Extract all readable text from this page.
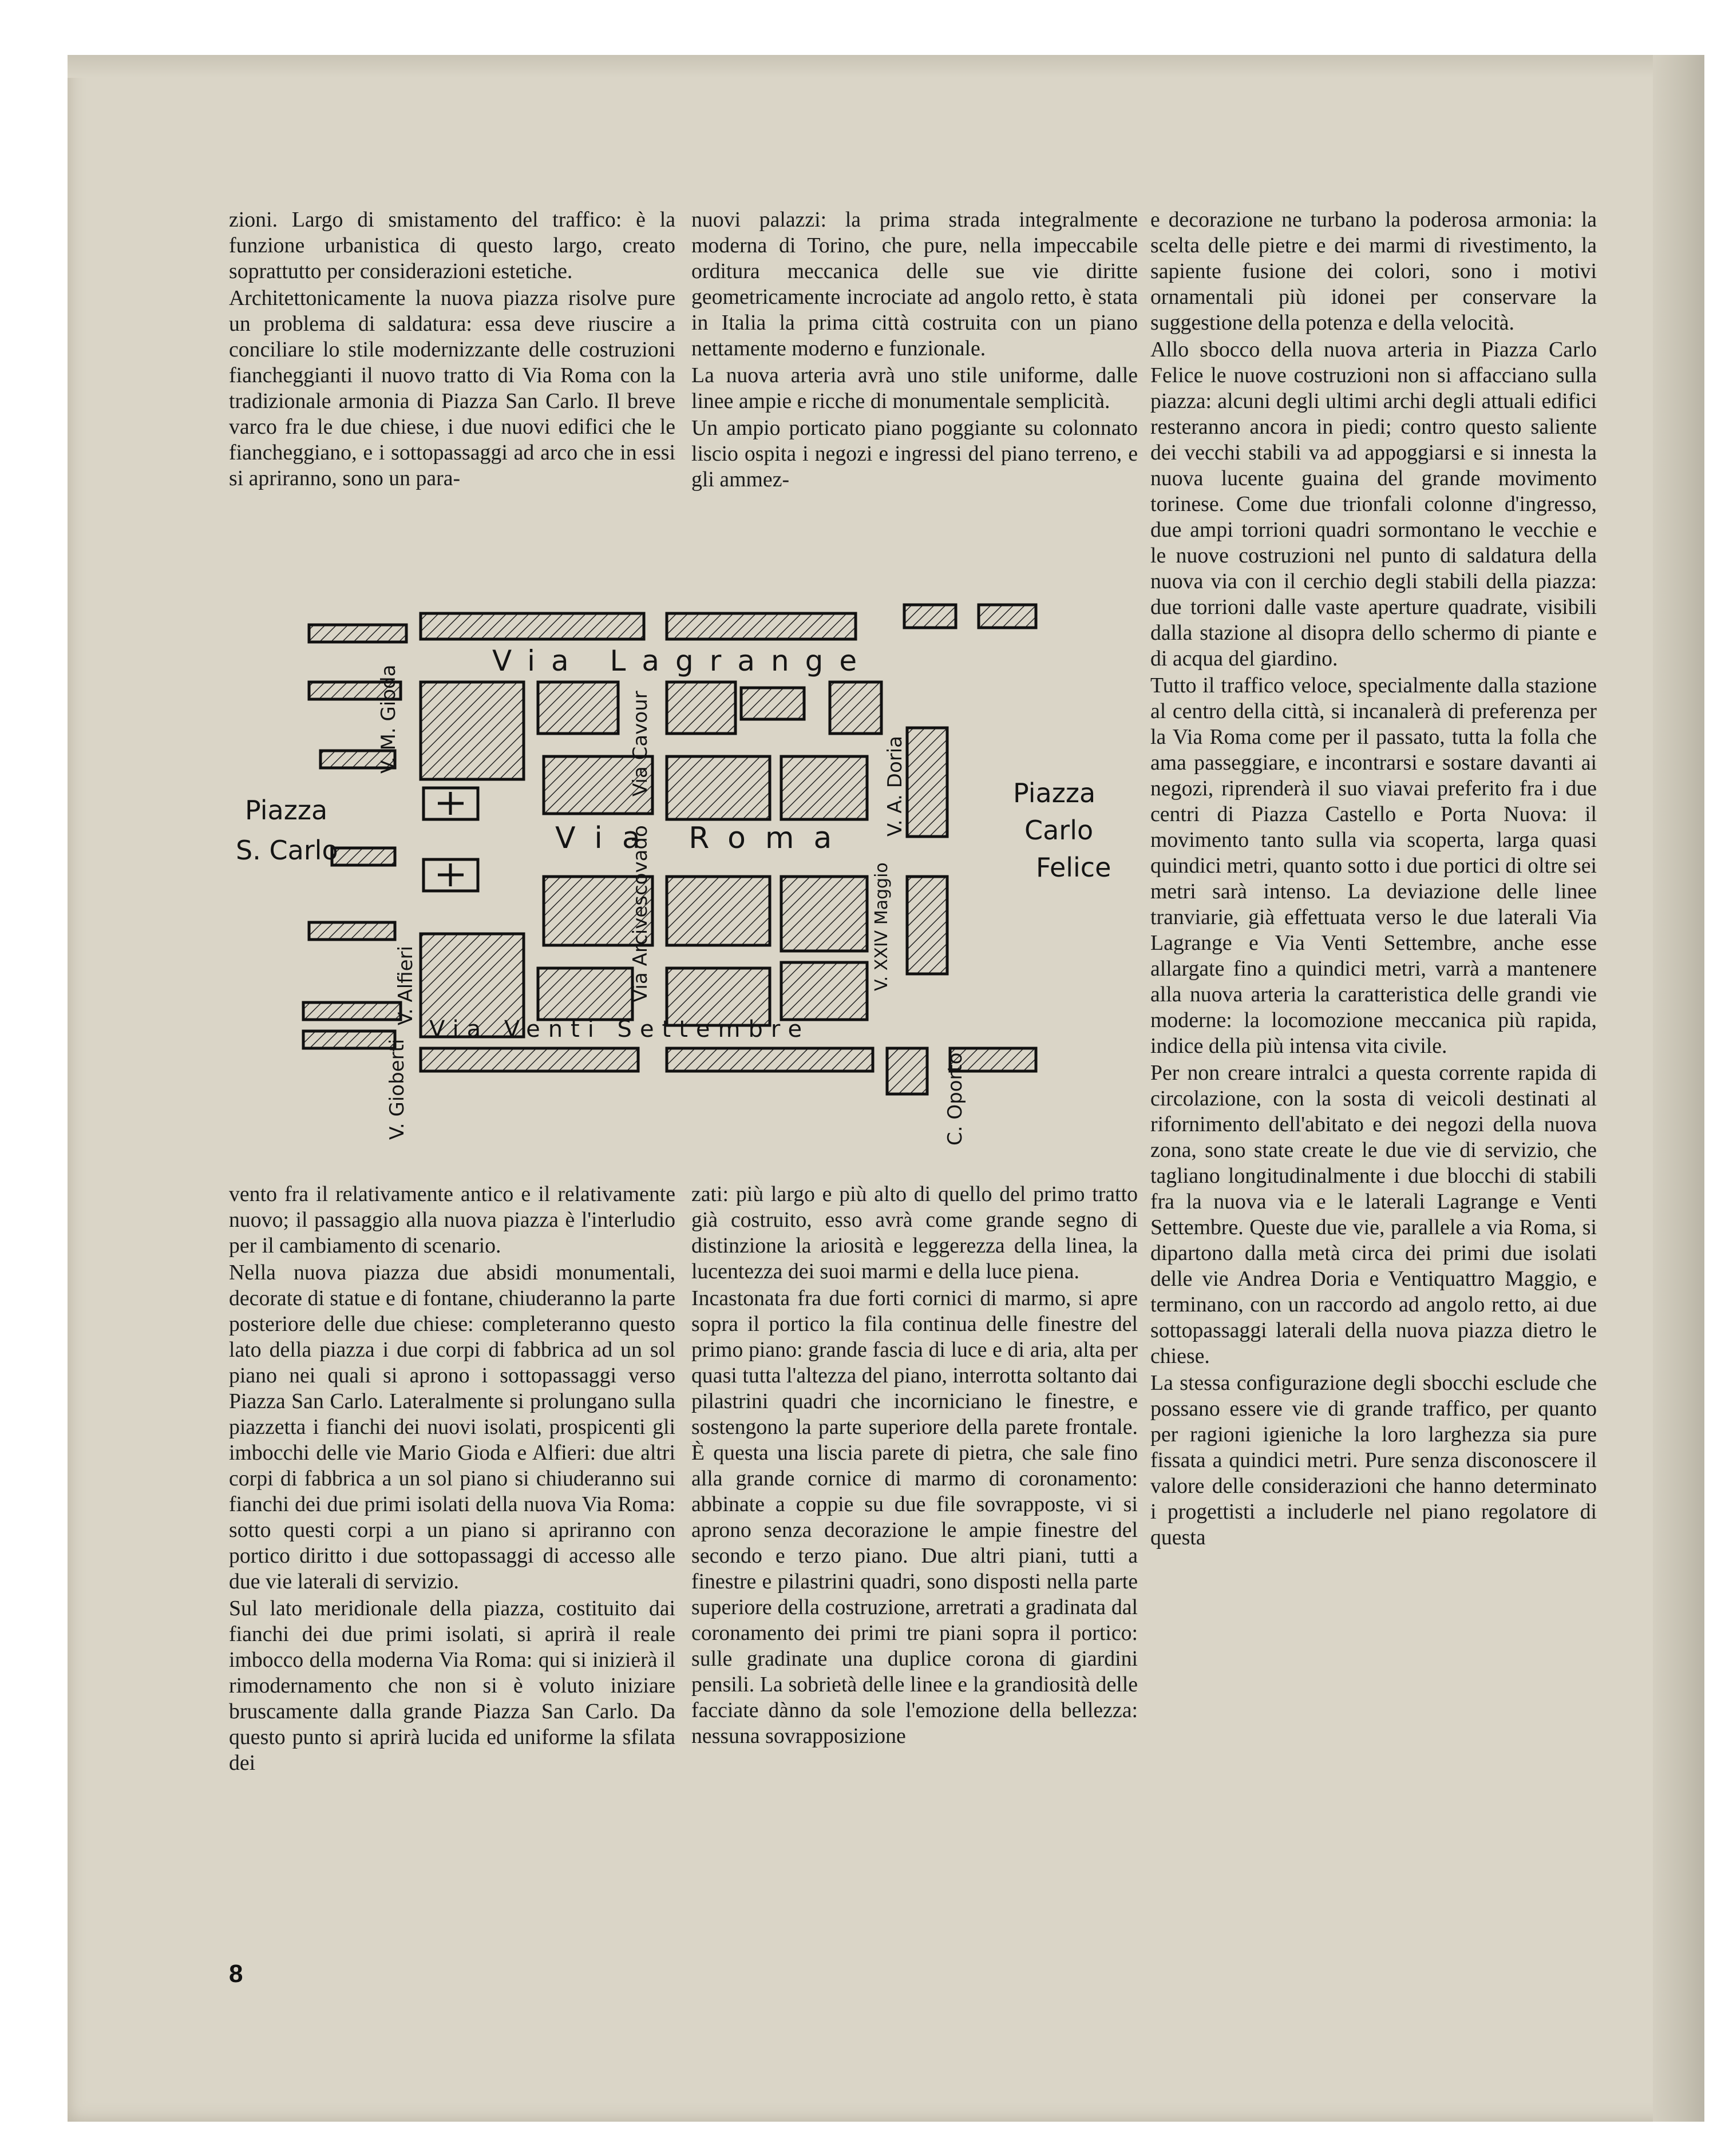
zioni. Largo di smistamento del traffico: è la funzione urbanistica di questo largo, creato soprattutto per considerazioni estetiche.

Architettonicamente la nuova piazza risolve pure un problema di saldatura: essa deve riuscire a conciliare lo stile modernizzante delle costruzioni fiancheggianti il nuovo tratto di Via Roma con la tradizionale armonia di Piazza San Carlo. Il breve varco fra le due chiese, i due nuovi edifici che le fiancheggiano, e i sottopassaggi ad arco che in essi si apriranno, sono un para-

nuovi palazzi: la prima strada integralmente moderna di Torino, che pure, nella impeccabile orditura meccanica delle sue vie diritte geometricamente incrociate ad angolo retto, è stata in Italia la prima città costruita con un piano nettamente moderno e funzionale.

La nuova arteria avrà uno stile uniforme, dalle linee ampie e ricche di monumentale semplicità.

Un ampio porticato piano poggiante su colonnato liscio ospita i negozi e ingressi del piano terreno, e gli ammez-

e decorazione ne turbano la poderosa armonia: la scelta delle pietre e dei marmi di rivestimento, la sapiente fusione dei colori, sono i motivi ornamentali più idonei per conservare la suggestione della potenza e della velocità.

Allo sbocco della nuova arteria in Piazza Carlo Felice le nuove costruzioni non si affacciano sulla piazza: alcuni degli ultimi archi degli attuali edifici resteranno ancora in piedi; contro questo saliente dei vecchi stabili va ad appoggiarsi e si innesta la nuova lucente guaina del grande movimento torinese. Come due trionfali colonne d'ingresso, due ampi torrioni quadri sormontano le vecchie e le nuove costruzioni nel punto di saldatura della nuova via con il cerchio degli stabili della piazza: due torrioni dalle vaste aperture quadrate, visibili dalla stazione al disopra dello schermo di piante e di acqua del giardino.

Tutto il traffico veloce, specialmente dalla stazione al centro della città, si incanalerà di preferenza per la Via Roma come per il passato, tutta la folla che ama passeggiare, e incontrarsi e sostare davanti ai negozi, riprenderà il suo viavai preferito fra i due centri di Piazza Castello e Porta Nuova: il movimento tanto sulla via scoperta, larga quasi quindici metri, quanto sotto i due portici di oltre sei metri sarà intenso. La deviazione delle linee tranviarie, già effettuata verso le due laterali Via Lagrange e Via Venti Settembre, anche esse allargate fino a quindici metri, varrà a mantenere alla nuova arteria la caratteristica delle grandi vie moderne: la locomozione meccanica più rapida, indice della più intensa vita civile.

Per non creare intralci a questa corrente rapida di circolazione, con la sosta di veicoli destinati al rifornimento dell'abitato e dei negozi della nuova zona, sono state create le due vie di servizio, che tagliano longitudinalmente i due blocchi di stabili fra la nuova via e le laterali Lagrange e Venti Settembre. Queste due vie, parallele a via Roma, si dipartono dalla metà circa dei primi due isolati delle vie Andrea Doria e Ventiquattro Maggio, e terminano, con un raccordo ad angolo retto, ai due sottopassaggi laterali della nuova piazza dietro le chiese.

La stessa configurazione degli sbocchi esclude che possano essere vie di grande traffico, per quanto per ragioni igieniche la loro larghezza sia pure fissata a quindici metri. Pure senza disconoscere il valore delle considerazioni che hanno determinato i progettisti a includerle nel piano regolatore di questa

Piazza
S. Carlo
Piazza
Carlo
Felice
Via Lagrange
Via Roma
Via Venti Settembre
V. M. Gioda	Via Cavour
Via Arcivescovado
V. A. Doria
V. XXIV Maggio
V. Alfieri
V. Gioberti	C. Oporto

vento fra il relativamente antico e il relativamente nuovo; il passaggio alla nuova piazza è l'interludio per il cambiamento di scenario.

Nella nuova piazza due absidi monumentali, decorate di statue e di fontane, chiuderanno la parte posteriore delle due chiese: completeranno questo lato della piazza i due corpi di fabbrica ad un sol piano nei quali si aprono i sottopassaggi verso Piazza San Carlo. Lateralmente si prolungano sulla piazzetta i fianchi dei nuovi isolati, prospicenti gli imbocchi delle vie Mario Gioda e Alfieri: due altri corpi di fabbrica a un sol piano si chiuderanno sui fianchi dei due primi isolati della nuova Via Roma: sotto questi corpi a un piano si apriranno con portico diritto i due sottopassaggi di accesso alle due vie laterali di servizio.

Sul lato meridionale della piazza, costituito dai fianchi dei due primi isolati, si aprirà il reale imbocco della moderna Via Roma: qui si inizierà il rimodernamento che non si è voluto iniziare bruscamente dalla grande Piazza San Carlo. Da questo punto si aprirà lucida ed uniforme la sfilata dei

zati: più largo e più alto di quello del primo tratto già costruito, esso avrà come grande segno di distinzione la ariosità e leggerezza della linea, la lucentezza dei suoi marmi e della luce piena.

Incastonata fra due forti cornici di marmo, si apre sopra il portico la fila continua delle finestre del primo piano: grande fascia di luce e di aria, alta per quasi tutta l'altezza del piano, interrotta soltanto dai pilastrini quadri che incorniciano le finestre, e sostengono la parte superiore della parete frontale. È questa una liscia parete di pietra, che sale fino alla grande cornice di marmo di coronamento: abbinate a coppie su due file sovrapposte, vi si aprono senza decorazione le ampie finestre del secondo e terzo piano. Due altri piani, tutti a finestre e pilastrini quadri, sono disposti nella parte superiore della costruzione, arretrati a gradinata dal coronamento dei primi tre piani sopra il portico: sulle gradinate una duplice corona di giardini pensili. La sobrietà delle linee e la grandiosità delle facciate dànno da sole l'emozione della bellezza: nessuna sovrapposizione

8
